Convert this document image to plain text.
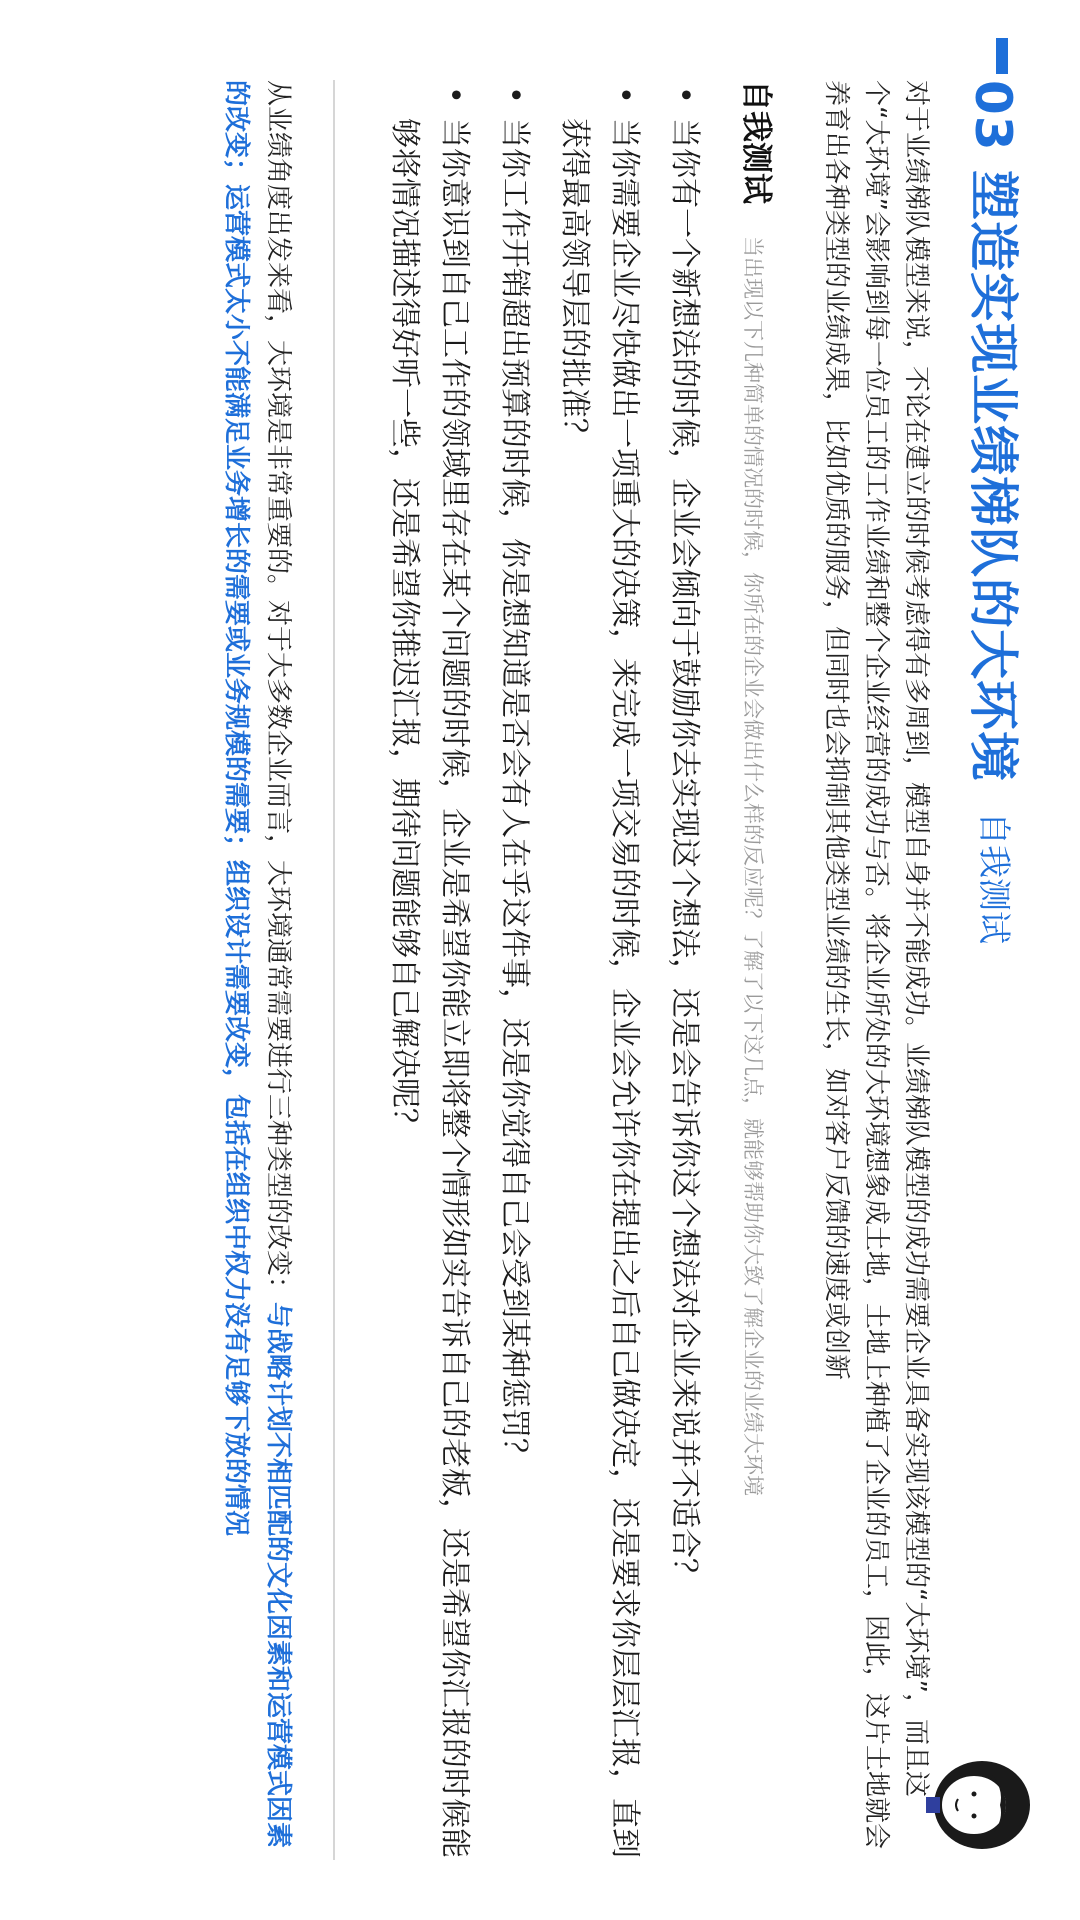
03 塑造实现业绩梯队的大环境
自我测试
对于业绩梯队模型来说，不论在建立的时候考虑得有多周到，模型自身并不能成功。业绩梯队模型的成功需要企业具备实现该模型的“大环境”，而且这个“大环境”会影响到每一位员工的工作业绩和整个企业经营的成功与否。将企业所处的大环境想象成土地，土地上种植了企业的员工，因此，这片土地就会养育出各种类型的业绩成果，比如优质的服务，但同时也会抑制其他类型业绩的生长，如对客户反馈的速度或创新
自我测试
当出现以下几种简单的情况的时候，你所在的企业会做出什么样的反应呢？了解了以下这几点，就能够帮助你大致了解企业的业绩大环境
•
当你有一个新想法的时候，企业会倾向于鼓励你去实现这个想法，还是会告诉你这个想法对企业来说并不适合？
•
当你需要企业尽快做出一项重大的决策，来完成一项交易的时候，企业会允许你在提出之后自己做决定，还是要求你层层汇报，直到获得最高领导层的批准？
•
当你工作开销超出预算的时候，你是想知道是否会有人在乎这件事，还是你觉得自己会受到某种惩罚？
•
当你意识到自己工作的领域里存在某个问题的时候，企业是希望你能立即将整个情形如实告诉自己的老板，还是希望你汇报的时候能够将情况描述得好听一些，还是希望你推迟汇报，期待问题能够自己解决呢？
从业绩角度出发来看，大环境是非常重要的。对于大多数企业而言，大环境通常需要进行三种类型的改变：与战略计划不相匹配的文化因素和运营模式因素的改变；运营模式太小不能满足业务增长的需要或业务规模的需要；组织设计需要改变，包括在组织中权力没有足够下放的情况
